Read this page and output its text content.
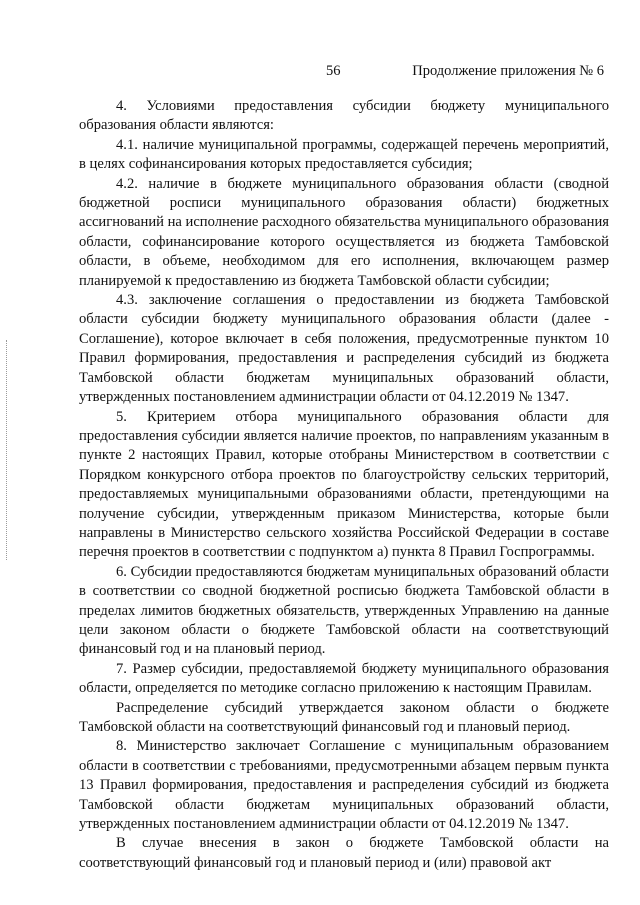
56	Продолжение приложения № 6

4. Условиями предоставления субсидии бюджету муниципального образования области являются:

4.1. наличие муниципальной программы, содержащей перечень мероприятий, в целях софинансирования которых предоставляется субсидия;

4.2. наличие в бюджете муниципального образования области (сводной бюджетной росписи муниципального образования области) бюджетных ассигнований на исполнение расходного обязательства муниципального образования области, софинансирование которого осуществляется из бюджета Тамбовской области, в объеме, необходимом для его исполнения, включающем размер планируемой к предоставлению из бюджета Тамбовской области субсидии;

4.3. заключение соглашения о предоставлении из бюджета Тамбовской области субсидии бюджету муниципального образования области (далее - Соглашение), которое включает в себя положения, предусмотренные пунктом 10 Правил формирования, предоставления и распределения субсидий из бюджета Тамбовской области бюджетам муниципальных образований области, утвержденных постановлением администрации области от 04.12.2019 № 1347.

5. Критерием отбора муниципального образования области для предоставления субсидии является наличие проектов, по направлениям указанным в пункте 2 настоящих Правил, которые отобраны Министерством в соответствии с Порядком конкурсного отбора проектов по благоустройству сельских территорий, предоставляемых муниципальными образованиями области, претендующими на получение субсидии, утвержденным приказом Министерства, которые были направлены в Министерство сельского хозяйства Российской Федерации в составе перечня проектов в соответствии с подпунктом а) пункта 8 Правил Госпрограммы.

6. Субсидии предоставляются бюджетам муниципальных образований области в соответствии со сводной бюджетной росписью бюджета Тамбовской области в пределах лимитов бюджетных обязательств, утвержденных Управлению на данные цели законом области о бюджете Тамбовской области на соответствующий финансовый год и на плановый период.

7. Размер субсидии, предоставляемой бюджету муниципального образования области, определяется по методике согласно приложению к настоящим Правилам.

Распределение субсидий утверждается законом области о бюджете Тамбовской области на соответствующий финансовый год и плановый период.

8. Министерство заключает Соглашение с муниципальным образованием области в соответствии с требованиями, предусмотренными абзацем первым пункта 13 Правил формирования, предоставления и распределения субсидий из бюджета Тамбовской области бюджетам муниципальных образований области, утвержденных постановлением администрации области от 04.12.2019 № 1347.

В случае внесения в закон о бюджете Тамбовской области на соответствующий финансовый год и плановый период и (или) правовой акт
